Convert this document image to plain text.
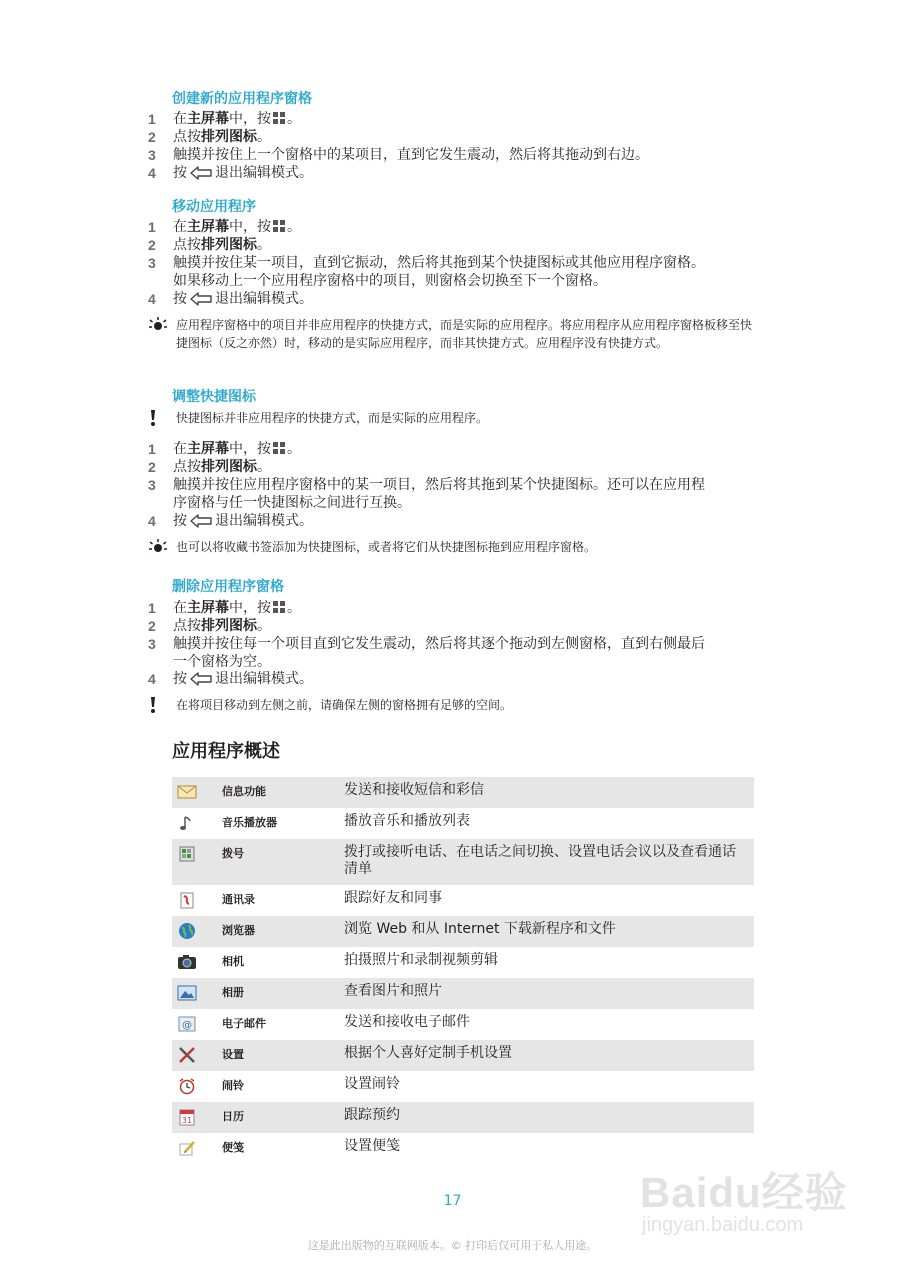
创建新的应用程序窗格
1	在主屏幕中，按 。
2	点按排列图标。
3	触摸并按住上一个窗格中的某项目，直到它发生震动，然后将其拖动到右边。
4	按 退出编辑模式。
移动应用程序
1	在主屏幕中，按 。
2	点按排列图标。
3	触摸并按住某一项目，直到它振动，然后将其拖到某个快捷图标或其他应用程序窗格。如果移动上一个应用程序窗格中的项目，则窗格会切换至下一个窗格。
4	按 退出编辑模式。
应用程序窗格中的项目并非应用程序的快捷方式，而是实际的应用程序。将应用程序从应用程序窗格板移至快捷图标（反之亦然）时，移动的是实际应用程序，而非其快捷方式。应用程序没有快捷方式。
调整快捷图标
快捷图标并非应用程序的快捷方式，而是实际的应用程序。
1	在主屏幕中，按 。
2	点按排列图标。
3	触摸并按住应用程序窗格中的某一项目，然后将其拖到某个快捷图标。还可以在应用程序窗格与任一快捷图标之间进行互换。
4	按 退出编辑模式。
也可以将收藏书签添加为快捷图标，或者将它们从快捷图标拖到应用程序窗格。
删除应用程序窗格
1	在主屏幕中，按 。
2	点按排列图标。
3	触摸并按住每一个项目直到它发生震动，然后将其逐个拖动到左侧窗格，直到右侧最后一个窗格为空。
4	按 退出编辑模式。
在将项目移动到左侧之前，请确保左侧的窗格拥有足够的空间。
应用程序概述
信息功能	发送和接收短信和彩信
音乐播放器	播放音乐和播放列表
拨号	拨打或接听电话、在电话之间切换、设置电话会议以及查看通话清单
通讯录	跟踪好友和同事
浏览器	浏览 Web 和从 Internet 下载新程序和文件
相机	拍摄照片和录制视频剪辑
相册	查看图片和照片
@	电子邮件	发送和接收电子邮件
设置	根据个人喜好定制手机设置
闹铃	设置闹铃
31	日历	跟踪预约
便笺	设置便笺
17
这是此出版物的互联网版本。© 打印后仅可用于私人用途。
Baidu经验
jingyan.baidu.com
